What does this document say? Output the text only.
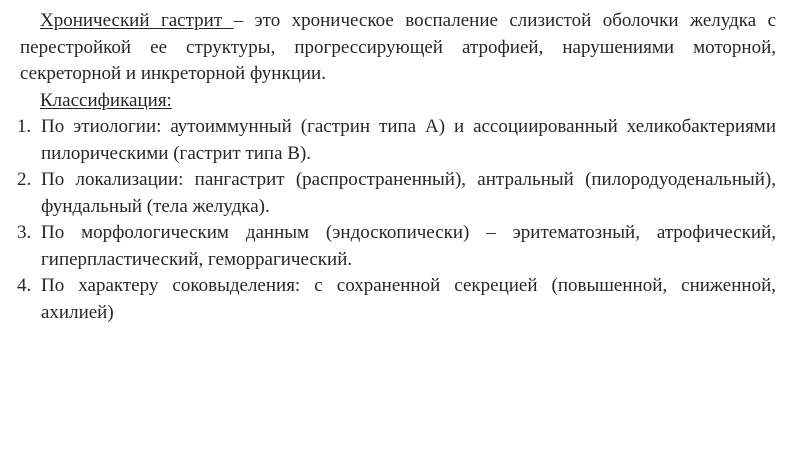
Хронический гастрит – это хроническое воспаление слизистой оболочки желудка с перестройкой ее структуры, прогрессирующей атрофией, нарушениями моторной, секреторной и инкреторной функции.

Классификация:

1. По этиологии: аутоиммунный (гастрин типа А) и ассоциированный хеликобактериями пилорическими (гастрит типа В).
2. По локализации: пангастрит (распространенный), антральный (пилородуоденальный), фундальный (тела желудка).
3. По морфологическим данным (эндоскопически) – эритематозный, атрофический, гиперпластический, геморрагический.
4. По характеру соковыделения: с сохраненной секрецией (повышенной, сниженной, ахилией)
